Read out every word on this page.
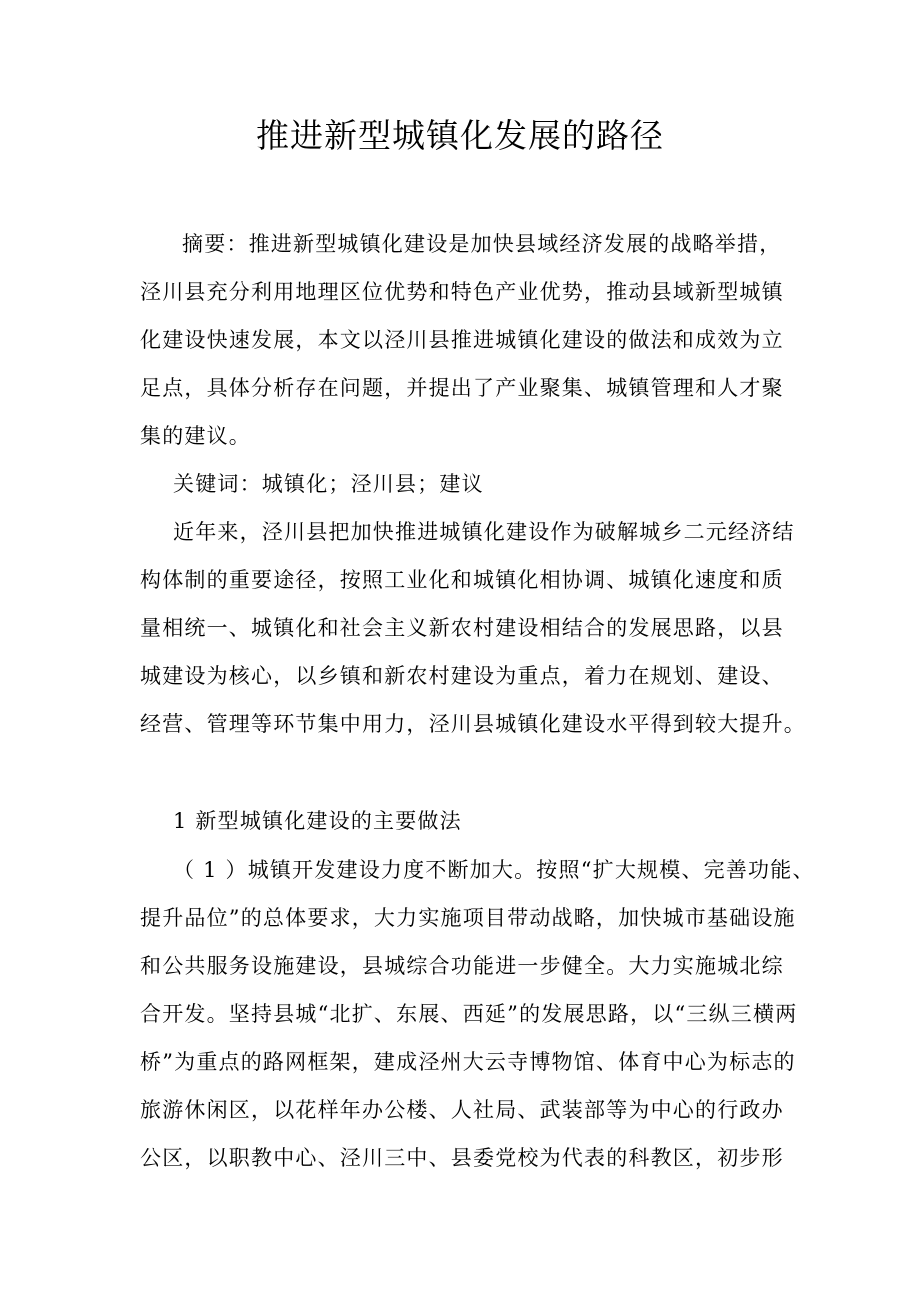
推进新型城镇化发展的路径
摘要：推进新型城镇化建设是加快县域经济发展的战略举措，
泾川县充分利用地理区位优势和特色产业优势，推动县域新型城镇
化建设快速发展，本文以泾川县推进城镇化建设的做法和成效为立
足点，具体分析存在问题，并提出了产业聚集、城镇管理和人才聚
集的建议。
关键词：城镇化；泾川县；建议
近年来，泾川县把加快推进城镇化建设作为破解城乡二元经济结
构体制的重要途径，按照工业化和城镇化相协调、城镇化速度和质
量相统一、城镇化和社会主义新农村建设相结合的发展思路，以县
城建设为核心，以乡镇和新农村建设为重点，着力在规划、建设、
经营、管理等环节集中用力，泾川县城镇化建设水平得到较大提升。
1 新型城镇化建设的主要做法
（ 1 ）城镇开发建设力度不断加大。按照“扩大规模、完善功能、
提升品位”的总体要求，大力实施项目带动战略，加快城市基础设施
和公共服务设施建设，县城综合功能进一步健全。大力实施城北综
合开发。坚持县城“北扩、东展、西延”的发展思路，以“三纵三横两
桥”为重点的路网框架，建成泾州大云寺博物馆、体育中心为标志的
旅游休闲区，以花样年办公楼、人社局、武装部等为中心的行政办
公区，以职教中心、泾川三中、县委党校为代表的科教区，初步形
